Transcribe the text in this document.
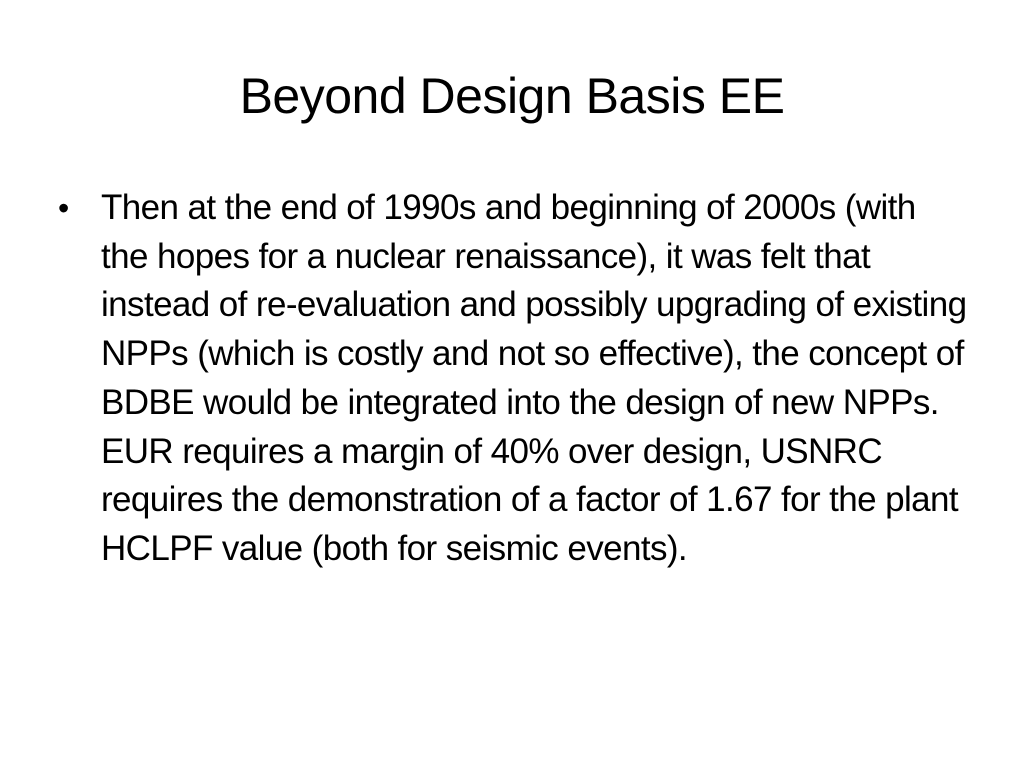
Beyond Design Basis EE
• Then at the end of 1990s and beginning of 2000s (with the hopes for a nuclear renaissance), it was felt that instead of re-evaluation and possibly upgrading of existing NPPs (which is costly and not so effective), the concept of BDBE would be integrated into the design of new NPPs. EUR requires a margin of 40% over design, USNRC requires the demonstration of a factor of 1.67 for the plant HCLPF value (both for seismic events).
